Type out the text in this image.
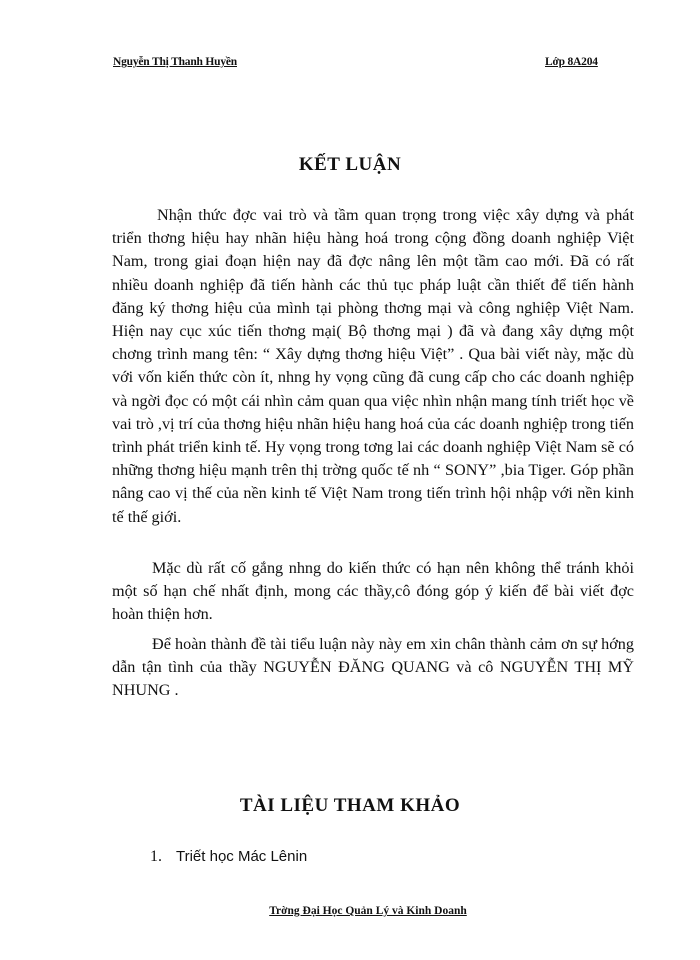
Nguyễn Thị Thanh Huyền	Lớp 8A204
KẾT LUẬN

Nhận thức đợc vai trò và tầm quan trọng trong việc xây dựng và phát triển thơng hiệu hay nhãn hiệu hàng hoá trong cộng đồng doanh nghiệp Việt Nam, trong giai đoạn hiện nay đã đợc nâng lên một tầm cao mới. Đã có rất nhiều doanh nghiệp đã tiến hành các thủ tục pháp luật cần thiết để tiến hành đăng ký thơng hiệu của mình tại phòng thơng mại và công nghiệp Việt Nam. Hiện nay cục xúc tiến thơng mại( Bộ thơng mại ) đã và đang xây dựng một chơng trình mang tên: “ Xây dựng thơng hiệu Việt” . Qua bài viết này, mặc dù với vốn kiến thức còn ít, nhng hy vọng cũng đã cung cấp cho các doanh nghiệp và ngời đọc có một cái nhìn cảm quan qua việc nhìn nhận mang tính triết học về vai trò ,vị trí của thơng hiệu nhãn hiệu hang hoá của các doanh nghiệp trong tiến trình phát triển kinh tế. Hy vọng trong tơng lai các doanh nghiệp Việt Nam sẽ có những thơng hiệu mạnh trên thị trờng quốc tế nh “ SONY” ,bia Tiger. Góp phần nâng cao vị thế của nền kinh tế Việt Nam trong tiến trình hội nhập với nền kinh tế thế giới.

Mặc dù rất cố gắng nhng do kiến thức có hạn nên không thể tránh khỏi một số hạn chế nhất định, mong các thầy,cô đóng góp ý kiến để bài viết đợc hoàn thiện hơn.

Để hoàn thành đề tài tiểu luận này này em xin chân thành cảm ơn sự hớng dẫn tận tình của thầy NGUYỄN ĐĂNG QUANG và cô NGUYỄN THỊ MỸ NHUNG .

TÀI LIỆU THAM KHẢO
1. Triết học Mác Lênin
Trờng Đại Học Quản Lý và Kinh Doanh
